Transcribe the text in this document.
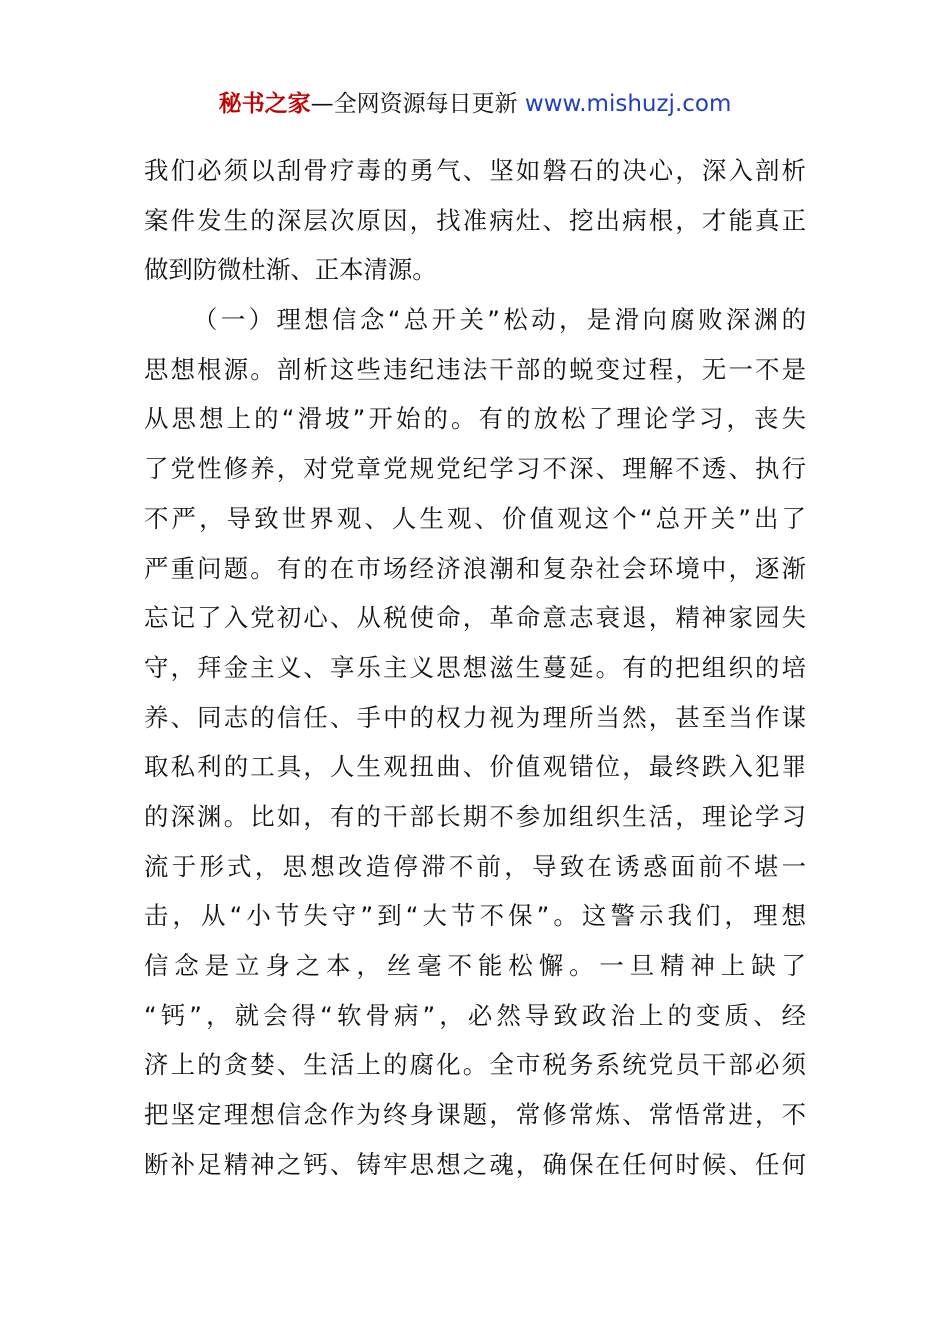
秘书之家—全网资源每日更新 www.mishuzj.com
我们必须以刮骨疗毒的勇气、坚如磐石的决心，深入剖析
案件发生的深层次原因，找准病灶、挖出病根，才能真正
做到防微杜渐、正本清源。
（一）理想信念“总开关”松动，是滑向腐败深渊的
思想根源。剖析这些违纪违法干部的蜕变过程，无一不是
从思想上的“滑坡”开始的。有的放松了理论学习，丧失
了党性修养，对党章党规党纪学习不深、理解不透、执行
不严，导致世界观、人生观、价值观这个“总开关”出了
严重问题。有的在市场经济浪潮和复杂社会环境中，逐渐
忘记了入党初心、从税使命，革命意志衰退，精神家园失
守，拜金主义、享乐主义思想滋生蔓延。有的把组织的培
养、同志的信任、手中的权力视为理所当然，甚至当作谋
取私利的工具，人生观扭曲、价值观错位，最终跌入犯罪
的深渊。比如，有的干部长期不参加组织生活，理论学习
流于形式，思想改造停滞不前，导致在诱惑面前不堪一
击，从“小节失守”到“大节不保”。这警示我们，理想
信念是立身之本，丝毫不能松懈。一旦精神上缺了
“钙”，就会得“软骨病”，必然导致政治上的变质、经
济上的贪婪、生活上的腐化。全市税务系统党员干部必须
把坚定理想信念作为终身课题，常修常炼、常悟常进，不
断补足精神之钙、铸牢思想之魂，确保在任何时候、任何
